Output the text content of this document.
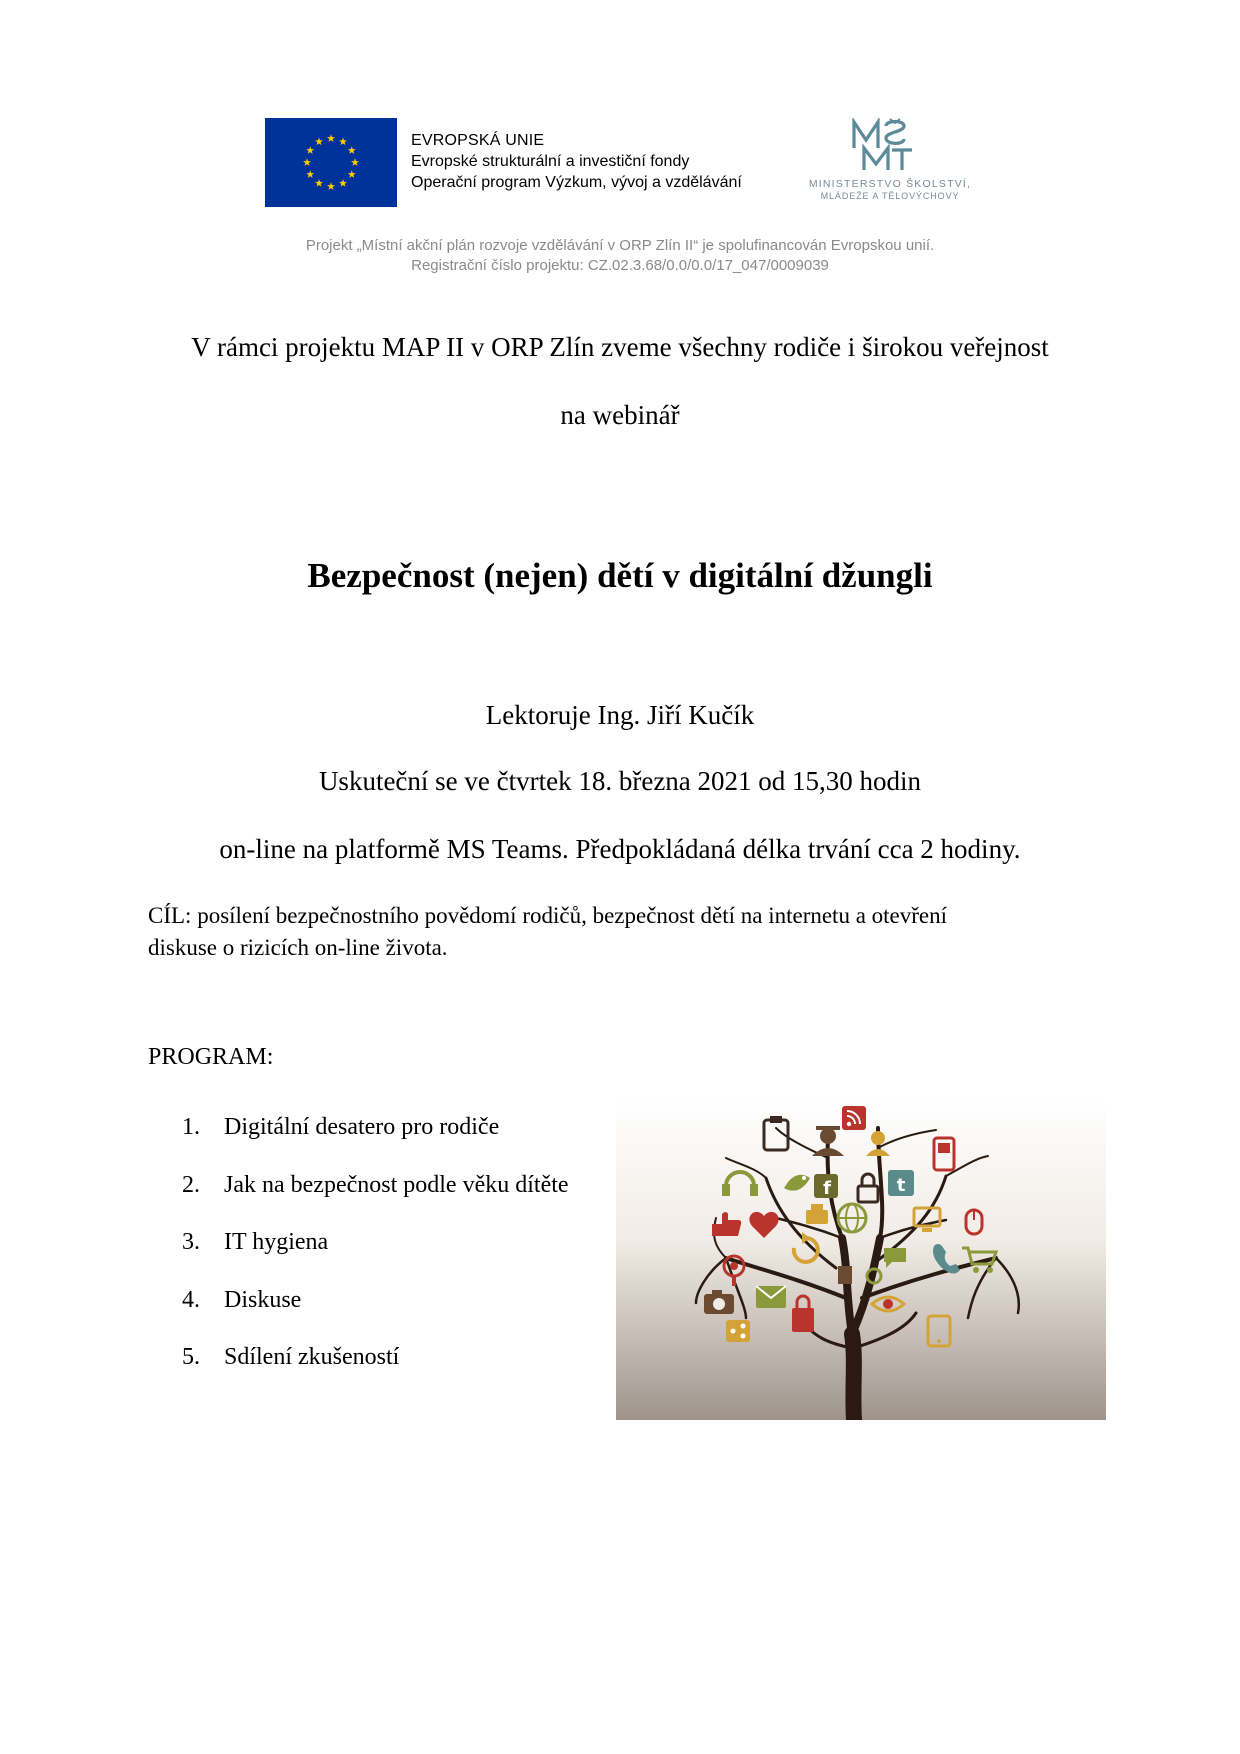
EVROPSKÁ UNIE
Evropské strukturální a investiční fondy
Operační program Výzkum, vývoj a vzdělávání	MINISTERSTVO ŠKOLSTVÍ,
MLÁDEŽE A TĚLOVÝCHOVY
Projekt „Místní akční plán rozvoje vzdělávání v ORP Zlín II“ je spolufinancován Evropskou unií.
Registrační číslo projektu: CZ.02.3.68/0.0/0.0/17_047/0009039
V rámci projektu MAP II v ORP Zlín zveme všechny rodiče i širokou veřejnost
na webinář
Bezpečnost (nejen) dětí v digitální džungli
Lektoruje Ing. Jiří Kučík
Uskuteční se ve čtvrtek 18. března 2021 od 15,30 hodin
on-line na platformě MS Teams. Předpokládaná délka trvání cca 2 hodiny.
CÍL: posílení bezpečnostního povědomí rodičů, bezpečnost dětí na internetu a otevření
diskuse o rizicích on-line života.
PROGRAM:
1.	Digitální desatero pro rodiče
2.	Jak na bezpečnost podle věku dítěte
3.	IT hygiena
4.	Diskuse
5.	Sdílení zkušeností
f	t
